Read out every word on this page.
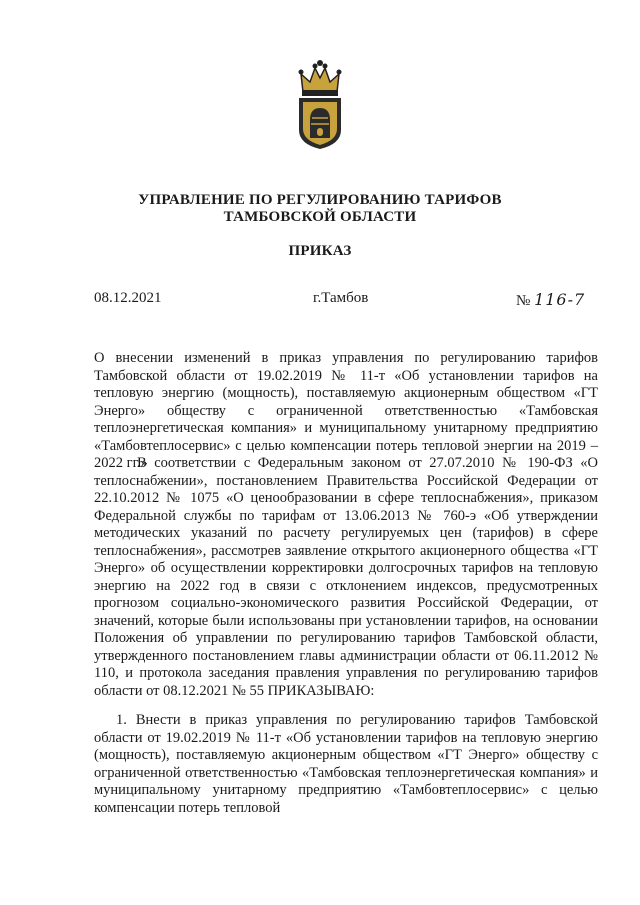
УПРАВЛЕНИЕ ПО РЕГУЛИРОВАНИЮ ТАРИФОВ

ТАМБОВСКОЙ ОБЛАСТИ

ПРИКАЗ

08.12.2021	г.Тамбов	№ 116-7

О внесении изменений в приказ управления по регулированию тарифов Тамбовской области от 19.02.2019 № 11-т «Об установлении тарифов на тепловую энергию (мощность), поставляемую акционерным обществом «ГТ Энерго» обществу с ограниченной ответственностью «Тамбовская теплоэнергетическая компания» и муниципальному унитарному предприятию «Тамбовтеплосервис» с целью компенсации потерь тепловой энергии на 2019 – 2022 гг.»

В соответствии с Федеральным законом от 27.07.2010 № 190-ФЗ «О теплоснабжении», постановлением Правительства Российской Федерации от 22.10.2012 № 1075 «О ценообразовании в сфере теплоснабжения», приказом Федеральной службы по тарифам от 13.06.2013 № 760-э «Об утверждении методических указаний по расчету регулируемых цен (тарифов) в сфере теплоснабжения», рассмотрев заявление открытого акционерного общества «ГТ Энерго» об осуществлении корректировки долгосрочных тарифов на тепловую энергию на 2022 год в связи с отклонением индексов, предусмотренных прогнозом социально-экономического развития Российской Федерации, от значений, которые были использованы при установлении тарифов, на основании Положения об управлении по регулированию тарифов Тамбовской области, утвержденного постановлением главы администрации области от 06.11.2012 № 110, и протокола заседания правления управления по регулированию тарифов области от 08.12.2021 № 55 ПРИКАЗЫВАЮ:

1. Внести в приказ управления по регулированию тарифов Тамбовской области от 19.02.2019 № 11-т «Об установлении тарифов на тепловую энергию (мощность), поставляемую акционерным обществом «ГТ Энерго» обществу с ограниченной ответственностью «Тамбовская теплоэнергетическая компания» и муниципальному унитарному предприятию «Тамбовтеплосервис» с целью компенсации потерь тепловой
